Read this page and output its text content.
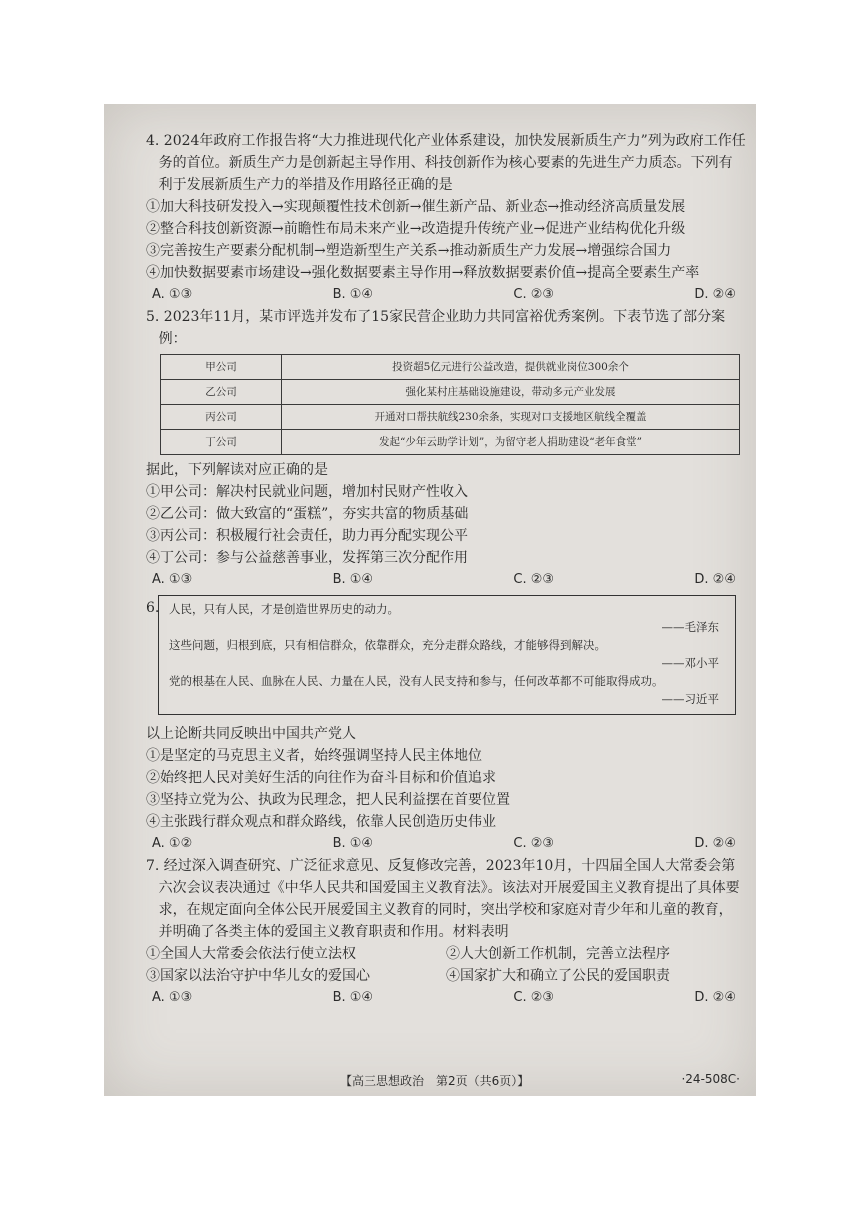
4. 2024年政府工作报告将“大力推进现代化产业体系建设，加快发展新质生产力”列为政府工作任务的首位。新质生产力是创新起主导作用、科技创新作为核心要素的先进生产力质态。下列有利于发展新质生产力的举措及作用路径正确的是

①加大科技研发投入→实现颠覆性技术创新→催生新产品、新业态→推动经济高质量发展

②整合科技创新资源→前瞻性布局未来产业→改造提升传统产业→促进产业结构优化升级

③完善按生产要素分配机制→塑造新型生产关系→推动新质生产力发展→增强综合国力

④加快数据要素市场建设→强化数据要素主导作用→释放数据要素价值→提高全要素生产率

A. ①③	B. ①④	C. ②③	D. ②④

5. 2023年11月，某市评选并发布了15家民营企业助力共同富裕优秀案例。下表节选了部分案例：

甲公司	投资超5亿元进行公益改造，提供就业岗位300余个
乙公司	强化某村庄基础设施建设，带动多元产业发展
丙公司	开通对口帮扶航线230余条，实现对口支援地区航线全覆盖
丁公司	发起“少年云助学计划”，为留守老人捐助建设“老年食堂”

据此，下列解读对应正确的是

①甲公司：解决村民就业问题，增加村民财产性收入

②乙公司：做大致富的“蛋糕”，夯实共富的物质基础

③丙公司：积极履行社会责任，助力再分配实现公平

④丁公司：参与公益慈善事业，发挥第三次分配作用

A. ①③	B. ①④	C. ②③	D. ②④
6. 人民，只有人民，才是创造世界历史的动力。
——毛泽东
这些问题，归根到底，只有相信群众，依靠群众，充分走群众路线，才能够得到解决。
——邓小平
党的根基在人民、血脉在人民、力量在人民，没有人民支持和参与，任何改革都不可能取得成功。
——习近平

以上论断共同反映出中国共产党人

①是坚定的马克思主义者，始终强调坚持人民主体地位

②始终把人民对美好生活的向往作为奋斗目标和价值追求

③坚持立党为公、执政为民理念，把人民利益摆在首要位置

④主张践行群众观点和群众路线，依靠人民创造历史伟业

A. ①②	B. ①④	C. ②③	D. ②④

7. 经过深入调查研究、广泛征求意见、反复修改完善，2023年10月，十四届全国人大常委会第六次会议表决通过《中华人民共和国爱国主义教育法》。该法对开展爱国主义教育提出了具体要求，在规定面向全体公民开展爱国主义教育的同时，突出学校和家庭对青少年和儿童的教育，并明确了各类主体的爱国主义教育职责和作用。材料表明

①全国人大常委会依法行使立法权	②人大创新工作机制，完善立法程序
③国家以法治守护中华儿女的爱国心	④国家扩大和确立了公民的爱国职责
A. ①③	B. ①④	C. ②③	D. ②④
【高三思想政治　第2页（共6页）】	·24-508C·
